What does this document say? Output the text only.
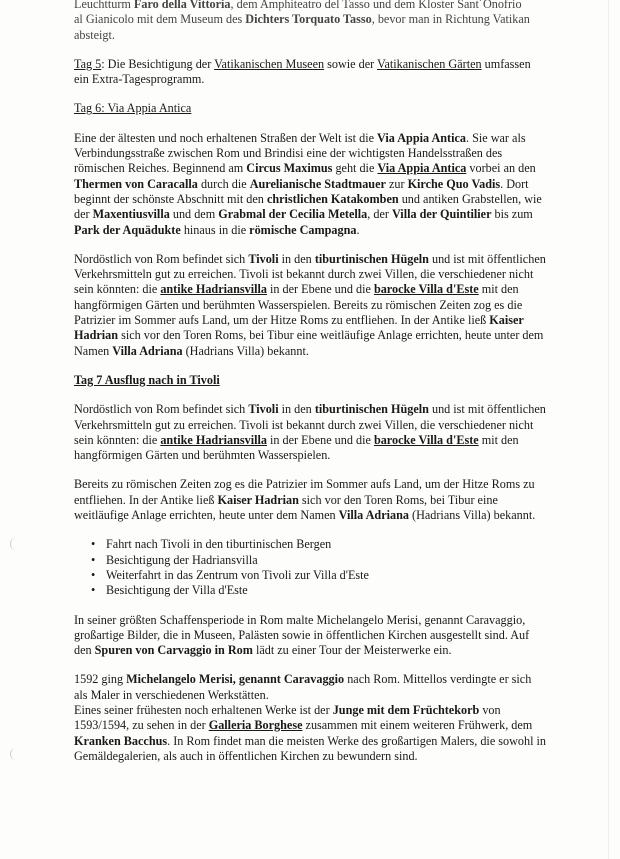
Leuchtturm Faro della Vittoria, dem Amphiteatro del Tasso und dem Kloster Sant´Onofrio
al Gianicolo mit dem Museum des Dichters Torquato Tasso, bevor man in Richtung Vatikan
absteigt.

Tag 5: Die Besichtigung der Vatikanischen Museen sowie der Vatikanischen Gärten umfassen
ein Extra-Tagesprogramm.

Tag 6: Via Appia Antica

Eine der ältesten und noch erhaltenen Straßen der Welt ist die Via Appia Antica. Sie war als Verbindungsstraße zwischen Rom und Brindisi eine der wichtigsten Handelsstraßen des römischen Reiches. Beginnend am Circus Maximus geht die Via Appia Antica vorbei an den Thermen von Caracalla durch die Aurelianische Stadtmauer zur Kirche Quo Vadis. Dort beginnt der schönste Abschnitt mit den christlichen Katakomben und antiken Grabstellen, wie der Maxentiusvilla und dem Grabmal der Cecilia Metella, der Villa der Quintilier bis zum Park der Aquädukte hinaus in die römische Campagna.

Nordöstlich von Rom befindet sich Tivoli in den tiburtinischen Hügeln und ist mit öffentlichen Verkehrsmitteln gut zu erreichen. Tivoli ist bekannt durch zwei Villen, die verschiedener nicht sein könnten: die antike Hadriansvilla in der Ebene und die barocke Villa d'Este mit den hangförmigen Gärten und berühmten Wasserspielen. Bereits zu römischen Zeiten zog es die Patrizier im Sommer aufs Land, um der Hitze Roms zu entfliehen. In der Antike ließ Kaiser Hadrian sich vor den Toren Roms, bei Tibur eine weitläufige Anlage errichten, heute unter dem Namen Villa Adriana (Hadrians Villa) bekannt.

Tag 7 Ausflug nach in Tivoli

Nordöstlich von Rom befindet sich Tivoli in den tiburtinischen Hügeln und ist mit öffentlichen Verkehrsmitteln gut zu erreichen. Tivoli ist bekannt durch zwei Villen, die verschiedener nicht sein könnten: die antike Hadriansvilla in der Ebene und die barocke Villa d'Este mit den hangförmigen Gärten und berühmten Wasserspielen.

Bereits zu römischen Zeiten zog es die Patrizier im Sommer aufs Land, um der Hitze Roms zu entfliehen. In der Antike ließ Kaiser Hadrian sich vor den Toren Roms, bei Tibur eine weitläufige Anlage errichten, heute unter dem Namen Villa Adriana (Hadrians Villa) bekannt.

• Fahrt nach Tivoli in den tiburtinischen Bergen
• Besichtigung der Hadriansvilla
• Weiterfahrt in das Zentrum von Tivoli zur Villa d'Este
• Besichtigung der Villa d'Este

In seiner größten Schaffensperiode in Rom malte Michelangelo Merisi, genannt Caravaggio, großartige Bilder, die in Museen, Palästen sowie in öffentlichen Kirchen ausgestellt sind. Auf den Spuren von Carvaggio in Rom lädt zu einer Tour der Meisterwerke ein.

1592 ging Michelangelo Merisi, genannt Caravaggio nach Rom. Mittellos verdingte er sich als Maler in verschiedenen Werkstätten.

Eines seiner frühesten noch erhaltenen Werke ist der Junge mit dem Früchtekorb von 1593/1594, zu sehen in der Galleria Borghese zusammen mit einem weiteren Frühwerk, dem Kranken Bacchus. In Rom findet man die meisten Werke des großartigen Malers, die sowohl in Gemäldegalerien, als auch in öffentlichen Kirchen zu bewundern sind.
